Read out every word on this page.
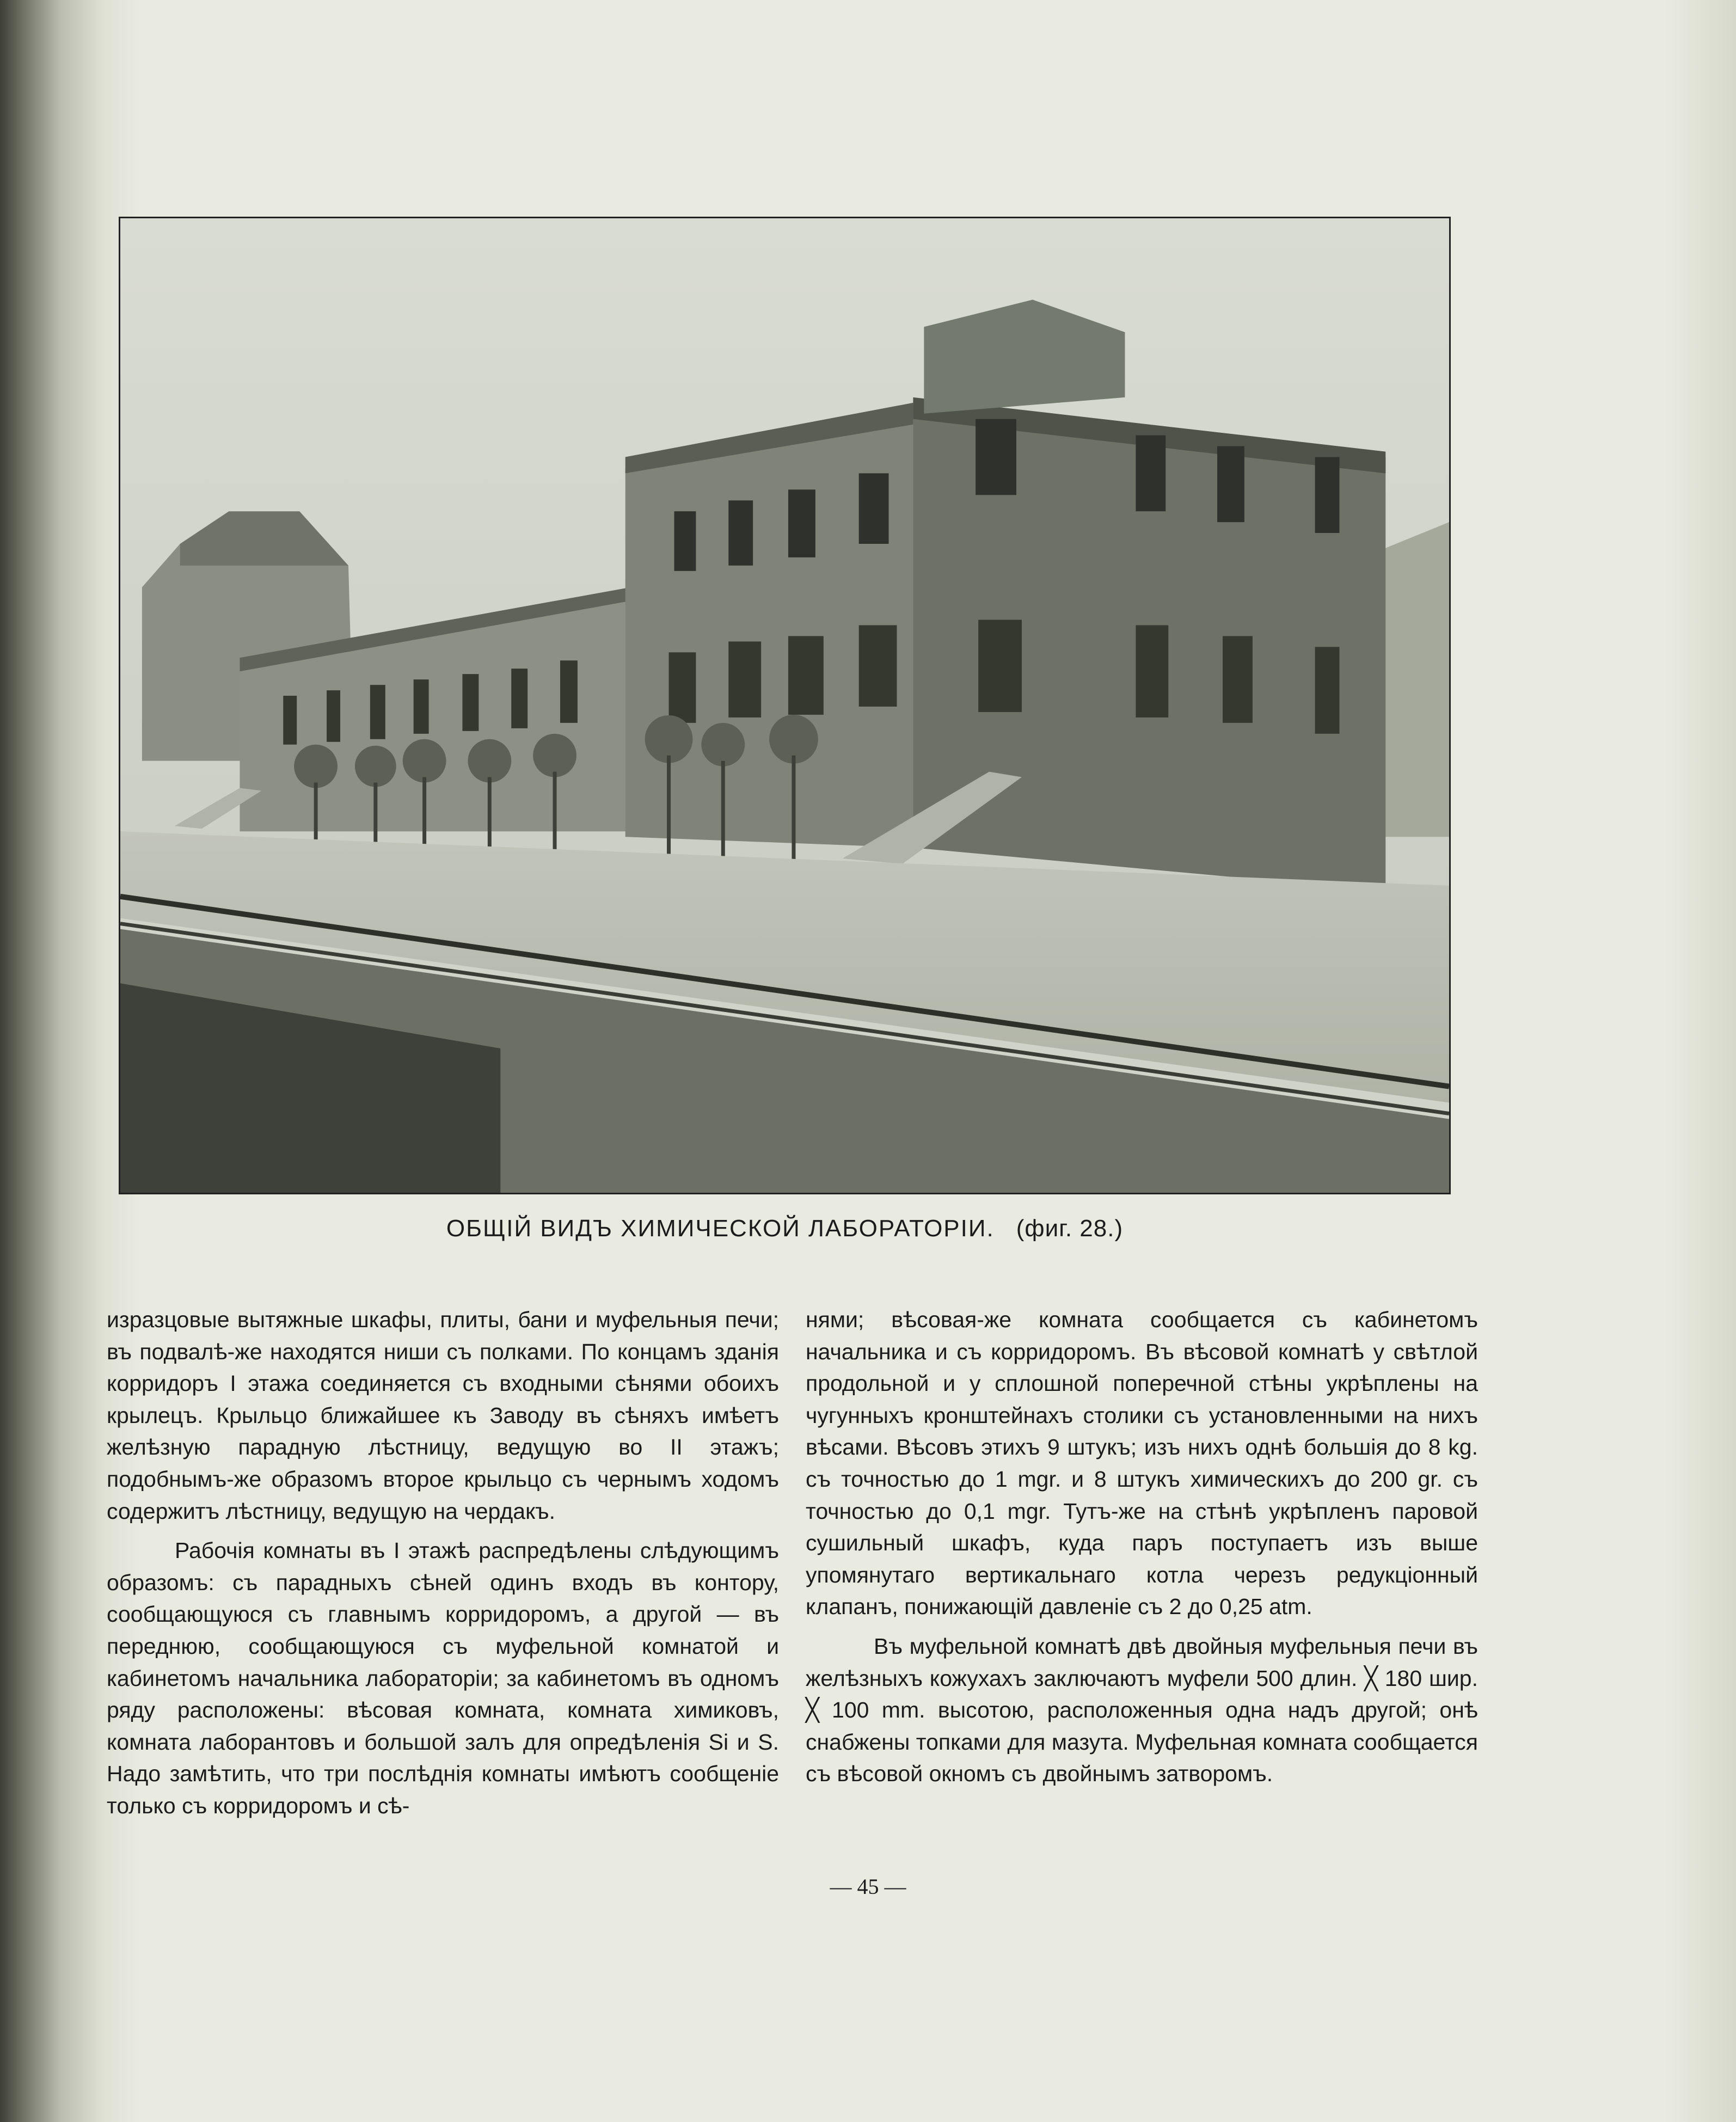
ОБЩІЙ ВИДЪ ХИМИЧЕСКОЙ ЛАБОРАТОРІИ. (фиг. 28.)

изразцовые вытяжные шкафы, плиты, бани и муфельныя печи; въ подвалѣ-же находятся ниши съ полками. По концамъ зданія корридоръ I этажа соединяется съ входными сѣнями обоихъ крылецъ. Крыльцо ближайшее къ Заводу въ сѣняхъ имѣетъ желѣзную парадную лѣстницу, ведущую во II этажъ; подобнымъ-же образомъ второе крыльцо съ чернымъ ходомъ содержитъ лѣстницу, ведущую на чердакъ.

Рабочія комнаты въ I этажѣ распредѣлены слѣдующимъ образомъ: съ парадныхъ сѣней одинъ входъ въ контору, сообщающуюся съ главнымъ корридоромъ, а другой — въ переднюю, сообщающуюся съ муфельной комнатой и кабинетомъ начальника лабораторіи; за кабинетомъ въ одномъ ряду расположены: вѣсовая комната, комната химиковъ, комната лаборантовъ и большой залъ для опредѣленія Si и S. Надо замѣтить, что три послѣднія комнаты имѣютъ сообщеніе только съ корридоромъ и сѣ-

нями; вѣсовая-же комната сообщается съ кабинетомъ начальника и съ корридоромъ. Въ вѣсовой комнатѣ у свѣтлой продольной и у сплошной поперечной стѣны укрѣплены на чугунныхъ кронштейнахъ столики съ установленными на нихъ вѣсами. Вѣсовъ этихъ 9 штукъ; изъ нихъ однѣ большія до 8 kg. съ точностью до 1 mgr. и 8 штукъ химическихъ до 200 gr. съ точностью до 0,1 mgr. Тутъ-же на стѣнѣ укрѣпленъ паровой сушильный шкафъ, куда паръ поступаетъ изъ выше упомянутаго вертикальнаго котла черезъ редукціонный клапанъ, понижающій давленіе съ 2 до 0,25 atm.

Въ муфельной комнатѣ двѣ двойныя муфельныя печи въ желѣзныхъ кожухахъ заключаютъ муфели 500 длин. ╳ 180 шир. ╳ 100 mm. высотою, расположенныя одна надъ другой; онѣ снабжены топками для мазута. Муфельная комната сообщается съ вѣсовой окномъ съ двойнымъ затворомъ.

— 45 —
